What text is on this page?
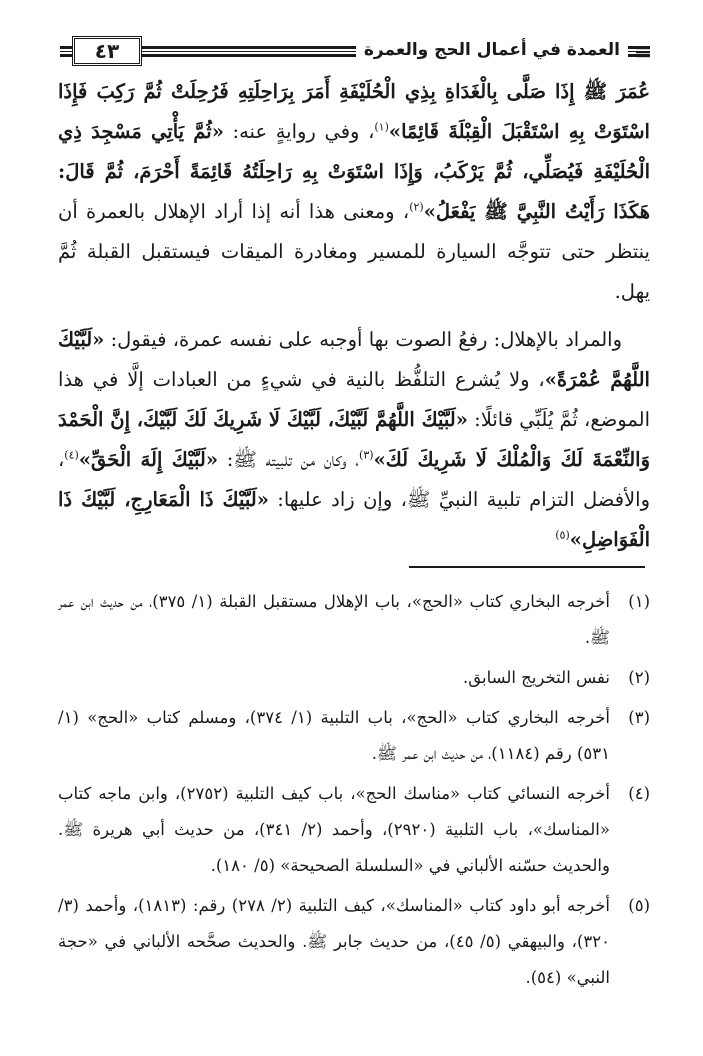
العمدة في أعمال الحج والعمرة
٤٣

عُمَرَ ﷺ إِذَا صَلَّى بِالْغَدَاةِ بِذِي الْحُلَيْفَةِ أَمَرَ بِرَاحِلَتِهِ فَرُحِلَتْ ثُمَّ رَكِبَ فَإِذَا اسْتَوَتْ بِهِ اسْتَقْبَلَ الْقِبْلَةَ قَائِمًا»$^{(١)}$، وفي روايةٍ عنه: «ثُمَّ يَأْتِي مَسْجِدَ ذِي الْحُلَيْفَةِ فَيُصَلِّي، ثُمَّ يَرْكَبُ، وَإِذَا اسْتَوَتْ بِهِ رَاحِلَتُهُ قَائِمَةً أَحْرَمَ، ثُمَّ قَالَ: هَكَذَا رَأَيْتُ النَّبِيَّ ﷺ يَفْعَلُ»$^{(٢)}$، ومعنى هذا أنه إذا أراد الإهلال بالعمرة أن ينتظر حتى تتوجَّه السيارة للمسير ومغادرة الميقات فيستقبل القبلة ثُمَّ يهل.

والمراد بالإهلال: رفعُ الصوت بها أوجبه على نفسه عمرة، فيقول: «لَبَّيْكَ اللَّهُمَّ عُمْرَةً»، ولا يُشرع التلفُّظ بالنية في شيءٍ من العبادات إلَّا في هذا الموضع، ثُمَّ يُلَبِّي قائلًا: «لَبَّيْكَ اللَّهُمَّ لَبَّيْكَ، لَبَّيْكَ لَا شَرِيكَ لَكَ لَبَّيْكَ، إِنَّ الْحَمْدَ وَالنِّعْمَةَ لَكَ وَالْمُلْكَ لَا شَرِيكَ لَكَ»$^{(٣)}$، وكان من تلبيته ﷺ: «لَبَّيْكَ إِلَهَ الْحَقِّ»$^{(٤)}$، والأفضل التزام تلبية النبيِّ ﷺ، وإن زاد عليها: «لَبَّيْكَ ذَا الْمَعَارِجِ، لَبَّيْكَ ذَا الْفَوَاضِلِ»$^{(٥)}$

(١)
أخرجه البخاري كتاب «الحج»، باب الإهلال مستقبل القبلة (١/ ٣٧٥)، من حديث ابن عمر ﷺ.
(٢)
نفس التخريج السابق.
(٣)
أخرجه البخاري كتاب «الحج»، باب التلبية (١/ ٣٧٤)، ومسلم كتاب «الحج» (١/ ٥٣١) رقم (١١٨٤)، من حديث ابن عمر ﷺ.
(٤)
أخرجه النسائي كتاب «مناسك الحج»، باب كيف التلبية (٢٧٥٢)، وابن ماجه كتاب «المناسك»، باب التلبية (٢٩٢٠)، وأحمد (٢/ ٣٤١)، من حديث أبي هريرة ﷺ. والحديث حسّنه الألباني في «السلسلة الصحيحة» (٥/ ١٨٠).
(٥)
أخرجه أبو داود كتاب «المناسك»، كيف التلبية (٢/ ٢٧٨) رقم: (١٨١٣)، وأحمد (٣/ ٣٢٠)، والبيهقي (٥/ ٤٥)، من حديث جابر ﷺ. والحديث صحَّحه الألباني في «حجة النبي» (٥٤).
